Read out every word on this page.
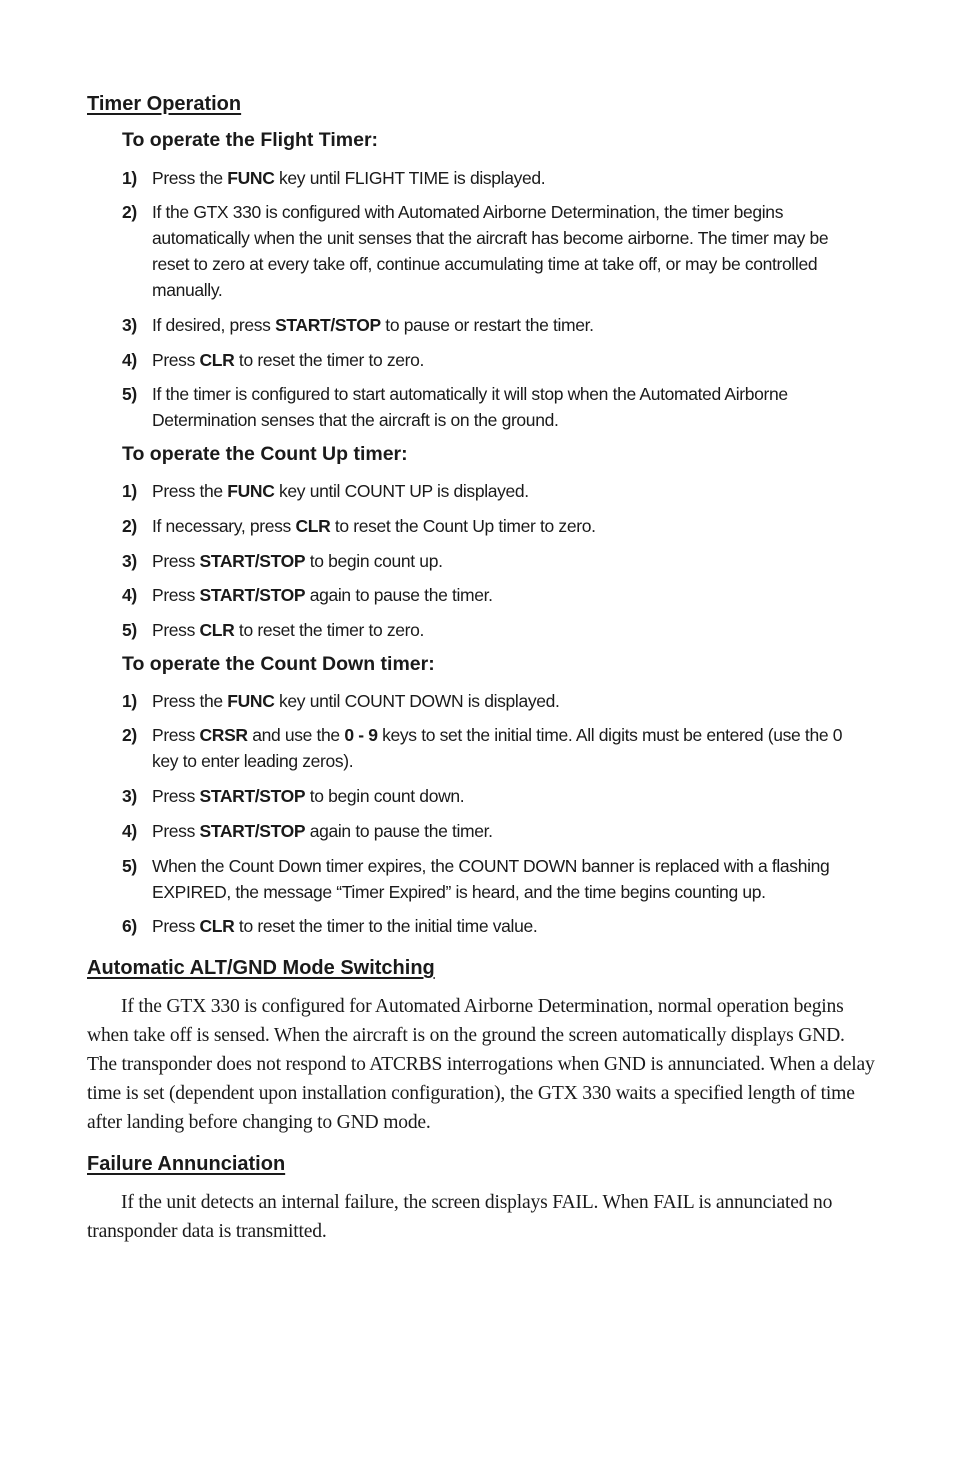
Timer Operation
To operate the Flight Timer:
1) Press the FUNC key until FLIGHT TIME is displayed.
2) If the GTX 330 is configured with Automated Airborne Determination, the timer begins automatically when the unit senses that the aircraft has become airborne. The timer may be reset to zero at every take off, continue accumulating time at take off, or may be controlled manually.
3) If desired, press START/STOP to pause or restart the timer.
4) Press CLR to reset the timer to zero.
5) If the timer is configured to start automatically it will stop when the Automated Airborne Determination senses that the aircraft is on the ground.
To operate the Count Up timer:
1) Press the FUNC key until COUNT UP is displayed.
2) If necessary, press CLR to reset the Count Up timer to zero.
3) Press START/STOP to begin count up.
4) Press START/STOP again to pause the timer.
5) Press CLR to reset the timer to zero.
To operate the Count Down timer:
1) Press the FUNC key until COUNT DOWN is displayed.
2) Press CRSR and use the 0 - 9 keys to set the initial time. All digits must be entered (use the 0 key to enter leading zeros).
3) Press START/STOP to begin count down.
4) Press START/STOP again to pause the timer.
5) When the Count Down timer expires, the COUNT DOWN banner is replaced with a flashing EXPIRED, the message “Timer Expired” is heard, and the time begins counting up.
6) Press CLR to reset the timer to the initial time value.
Automatic ALT/GND Mode Switching

If the GTX 330 is configured for Automated Airborne Determination, normal operation begins when take off is sensed. When the aircraft is on the ground the screen automatically displays GND. The transponder does not respond to ATCRBS interrogations when GND is annunciated. When a delay time is set (dependent upon installation configuration), the GTX 330 waits a specified length of time after landing before changing to GND mode.

Failure Annunciation

If the unit detects an internal failure, the screen displays FAIL. When FAIL is annunciated no transponder data is transmitted.
